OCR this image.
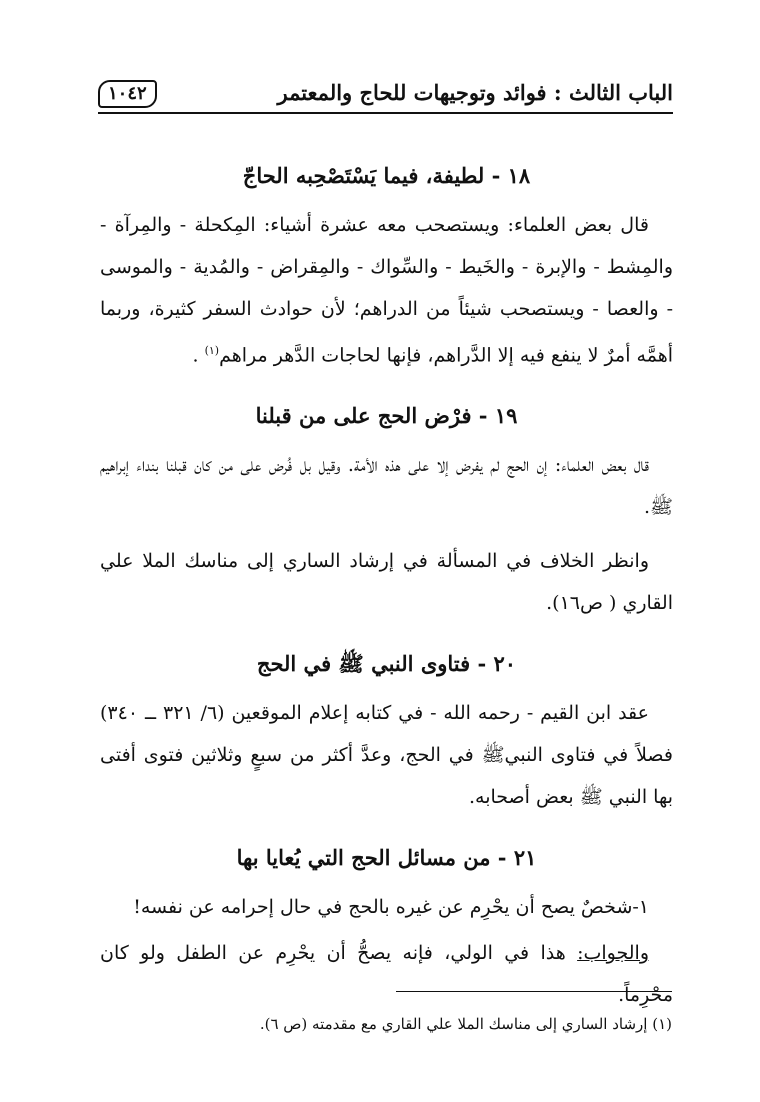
الباب الثالث : فوائد وتوجيهات للحاج والمعتمر
١٠٤٢
١٨ - لطيفة، فيما يَسْتَصْحِبه الحاجّ

قال بعض العلماء: ويستصحب معه عشرة أشياء: المِكحلة - والمِرآة - والمِشط - والإبرة - والخَيط - والسِّواك - والمِقراض - والمُدية - والموسى - والعصا - ويستصحب شيئاً من الدراهم؛ لأن حوادث السفر كثيرة، وربما أهمَّه أمرٌ لا ينفع فيه إلا الدَّراهم، فإنها لحاجات الدَّهر مراهم$^{(١)}$ .

١٩ - فرْض الحج على من قبلنا

قال بعض العلماء: إن الحج لم يفرض إلا على هذه الأمة. وقيل بل فُرض على من كان قبلنا بنداء إبراهيم ﷺ.

وانظر الخلاف في المسألة في إرشاد الساري إلى مناسك الملا علي القاري ( ص١٦).

٢٠ - فتاوى النبي ﷺ في الحج

عقد ابن القيم - رحمه الله - في كتابه إعلام الموقعين (٦/ ٣٢١ ــ ٣٤٠) فصلاً في فتاوى النبيﷺ في الحج، وعدَّ أكثر من سبعٍ وثلاثين فتوى أفتى بها النبي ﷺ بعض أصحابه.

٢١ - من مسائل الحج التي يُعايا بها

١-شخصٌ يصح أن يحْرِم عن غيره بالحج في حال إحرامه عن نفسه!

والجواب: هذا في الولي، فإنه يصحُّ أن يحْرِم عن الطفل ولو كان محْرِماً.

(١) إرشاد الساري إلى مناسك الملا علي القاري مع مقدمته (ص ٦).
